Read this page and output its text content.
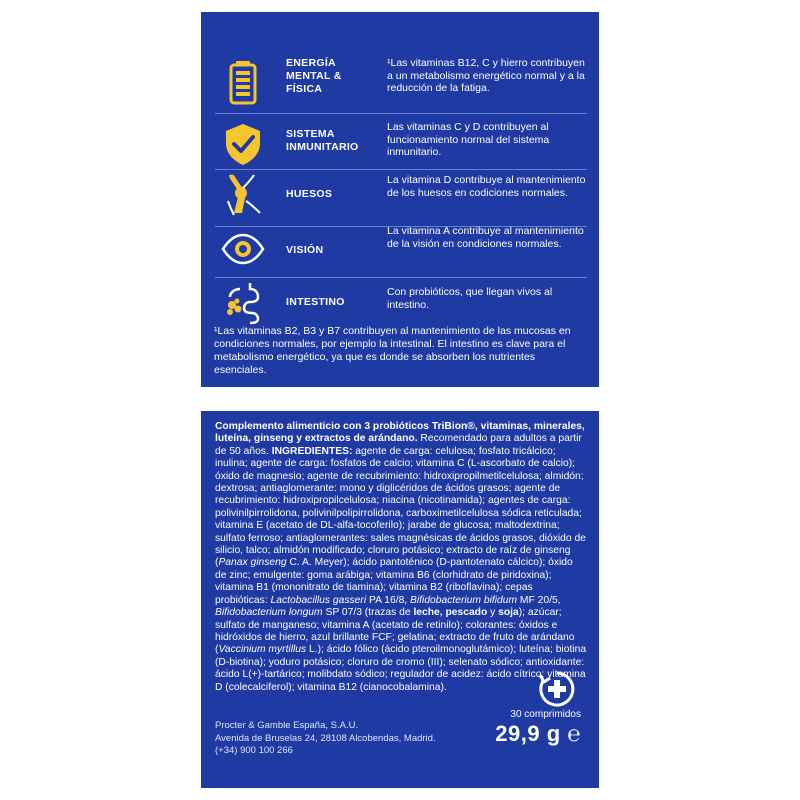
ENERGÍA MENTAL & FÍSICA
¹Las vitaminas B12, C y hierro contribuyen a un metabolismo energético normal y a la reducción de la fatiga.
SISTEMA INMUNITARIO
Las vitaminas C y D contribuyen al funcionamiento normal del sistema inmunitario.
HUESOS
La vitamina D contribuye al mantenimiento de los huesos en codiciones normales.
VISIÓN
La vitamina A contribuye al mantenimiento de la visión en condiciones normales.
INTESTINO
Con probióticos, que llegan vivos al intestino.
¹Las vitaminas B2, B3 y B7 contribuyen al mantenimiento de las mucosas en condiciones normales, por ejemplo la intestinal. El intestino es clave para el metabolismo energético, ya que es donde se absorben los nutrientes esenciales.
Complemento alimenticio con 3 probióticos TriBion®, vitaminas, minerales, luteína, ginseng y extractos de arándano. Recomendado para adultos a partir de 50 años. INGREDIENTES: agente de carga: celulosa; fosfato tricálcico; inulina; agente de carga: fosfatos de calcio; vitamina C (L-ascorbato de calcio); óxido de magnesio; agente de recubrimiento: hidroxipropilmetilcelulosa; almidón; dextrosa; antiaglomerante: mono y diglicéridos de ácidos grasos; agente de recubrimiento: hidroxipropilcelulosa; niacina (nicotinamida); agentes de carga: polivinilpirrolidona, polivinilpolipirrolidona, carboximetilcelulosa sódica reticulada; vitamina E (acetato de DL-alfa-tocoferilo); jarabe de glucosa; maltodextrina; sulfato ferroso; antiaglomerantes: sales magnésicas de ácidos grasos, dióxido de silicio, talco; almidón modificado; cloruro potásico; extracto de raíz de ginseng (Panax ginseng C. A. Meyer); ácido pantoténico (D-pantotenato cálcico); óxido de zinc; emulgente: goma arábiga; vitamina B6 (clorhidrato de piridoxina); vitamina B1 (mononitrato de tiamina); vitamina B2 (riboflavina); cepas probióticas: Lactobacillus gasseri PA 16/8, Bifidobacterium bifidum MF 20/5, Bifidobacterium longum SP 07/3 (trazas de leche, pescado y soja); azúcar; sulfato de manganeso; vitamina A (acetato de retinilo); colorantes: óxidos e hidróxidos de hierro, azul brillante FCF; gelatina; extracto de fruto de arándano (Vaccinium myrtillus L.); ácido fólico (ácido pteroilmonoglutámico); luteína; biotina (D-biotina); yoduro potásico; cloruro de cromo (III); selenato sódico; antioxidante: ácido L(+)-tartárico; molibdato sódico; regulador de acidez: ácido cítrico; vitamina D (colecalciferol); vitamina B12 (cianocobalamina).
Procter & Gamble España, S.A.U.
Avenida de Bruselas 24, 28108 Alcobendas, Madrid.
(+34) 900 100 266
30 comprimidos
29,9 g ℮
